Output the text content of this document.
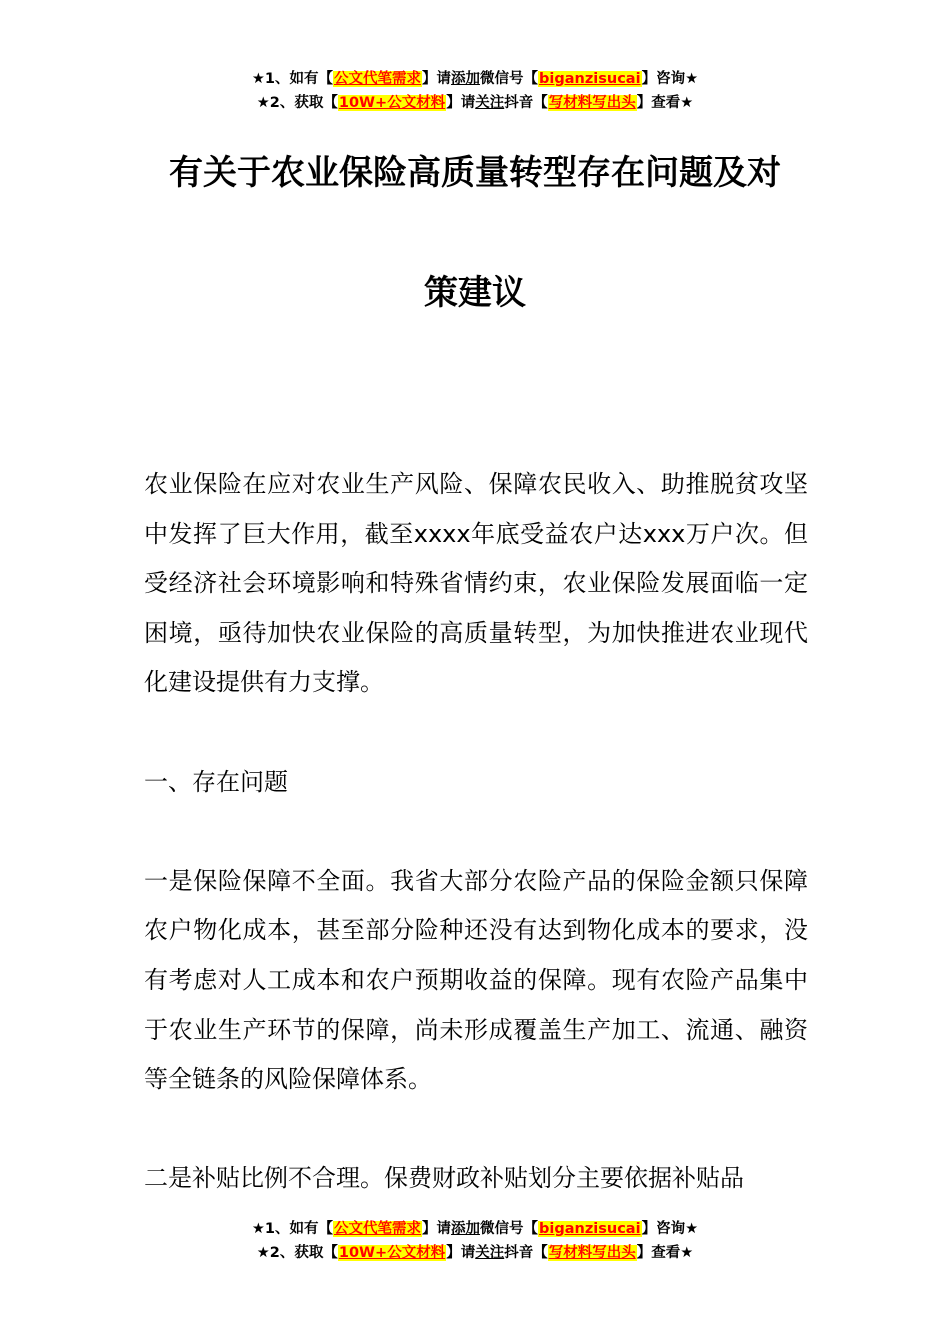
★1、如有【公文代笔需求】请添加微信号【biganzisucai】咨询★
★2、获取【10W+公文材料】请关注抖音【写材料写出头】查看★
有关于农业保险高质量转型存在问题及对
策建议

农业保险在应对农业生产风险、保障农民收入、助推脱贫攻坚中发挥了巨大作用，截至xxxx年底受益农户达xxx万户次。但受经济社会环境影响和特殊省情约束，农业保险发展面临一定困境，亟待加快农业保险的高质量转型，为加快推进农业现代化建设提供有力支撑。

一、存在问题

一是保险保障不全面。我省大部分农险产品的保险金额只保障农户物化成本，甚至部分险种还没有达到物化成本的要求，没有考虑对人工成本和农户预期收益的保障。现有农险产品集中于农业生产环节的保障，尚未形成覆盖生产加工、流通、融资等全链条的风险保障体系。

二是补贴比例不合理。保费财政补贴划分主要依据补贴品

★1、如有【公文代笔需求】请添加微信号【biganzisucai】咨询★
★2、获取【10W+公文材料】请关注抖音【写材料写出头】查看★
